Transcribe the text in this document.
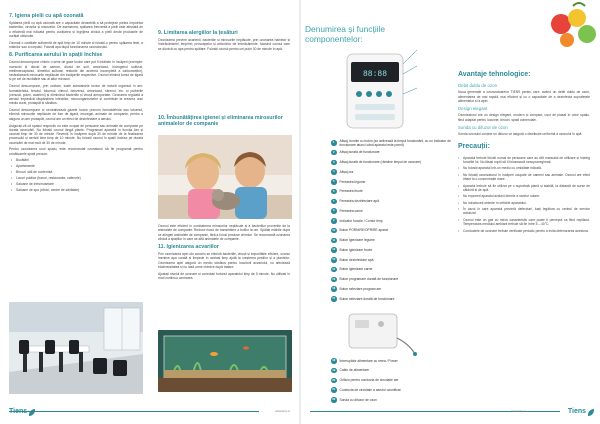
7. Igiena pielii cu apă ozonată
Spălarea pielii cu apă ozonată are o capacitate deosebită a să protejeze pielea împotriva bacteriilor, virușilor și micozelor. De asemenea, spălarea frecventă a pielii este afectată de o eficiență mai ridicată pentru curățarea și îngrijirea zilnică a pielii decât produsele de curățat obișnuite.
Ozonați o cantitate suficientă de apă timp de 10 minute și folosiți-o pentru spălarea feței, a mâinilor sau a corpului. Folosiți apa după funcționarea ozonatorului.
8. Purificarea aerului în spații închise
Ozonul descompune chimic o serie de gaze toxice care pot fi întâlnite în încăperi (exemple: monoxid și dioxid de carbon, dioxid de sulf, amoniacul, hidrogenul sulfurat, metilmercaptanul, dimetilul sulfurat, resturile din arderea incompletă a carburanților), neutralizează mirosurile neplăcute din încăperile respective. Ozonul elimină fumul de țigară și pe cel de bucătărie sau al altor mirosuri.
Ozonul descompune, prin oxidare, toate substanțele toxice de natură organică în aer: formaldehida, fenolul, toluenul, xilenul, benzenul, amoniacul, stirenul, etc. și pulberile (cenușă, polen, acarieni) și eliminând bacteriile și virușii aeropurtate. Ozonarea regulată a aerului împiedică răspândirea infecțiilor, microorganismelor și contribuie la crearea unui mediu curat, proaspăt și sănătos.
Ozonul descompune și neutralizează gazele toxice precum formaldehida sau toluenul, elimină mirosurile neplăcute de fum de țigară, mucegai, animale de companie, pentru a asigura un aer proaspăt, ozonul are un efect de dezinfectare a aerului.
Asigurați-vă că spațiul respectiv nu este ocupat de persoane sau animale de companie pe durata ozonizării. Nu folosiți ozonul lângă plante. Programați aparatul în funcția Aer și ozonați timp de 30 de minute. Reveniți în încăpere după 30 de minute de la finalizarea procesului și aerisiți bine timp de 10 minute. Nu folosiți ozonul în spații închise pe durata ozonizării de mai mult de 30 de minute.
Pentru ozonizarea unui spațiu, este recomandat ozonatorul să fie programat pentru următoarele spații precum:
• Bucătării
• Apartamente
• Birouri, săli de conferință
• Locuri publice (baruri, restaurante, cafenele)
• Saloane de înfrumusețare
• Saloane de spa (clinici, centre de sănătate)
9. Limitarea alergiilor la țesături
Ozonizarea previne acarienii, bacteriile și mirosurile neplăcute, prin ozonarea hainelor și îmbrăcămintei, lenjeriei, prosoapelor și articolelor de îmbrăcăminte, folosind ozonul care se dizolvă cu apa pentru spălare. Folosiți ozonul pentru cel puțin 30 de minute în apă.
10. Îmbunătățirea igienei și eliminarea mirosurilor animalelor de companie
Ozonul este eficient în combaterea mirosurilor neplăcute și a bacteriilor provenite de la animalele de companie. Reduce riscul de transmitere a bolilor la om. Spălați mâinile după ce atingeți animalele de companie, fără a folosi produse chimice. Se recomandă ozonarea zilnică a spațiilor în care se află animalele de companie.
11. Igienizarea acvariilor
Prin ozonizarea apei din acvariu se elimină bacteriile, virușii și impuritățile eficient, ozonul menține apa curată și limpede în același timp ajută la creșterea peștilor și a plantelor. Ozonizarea apei asigură un mediu sănătos pentru locuitorii acvariului, nu afectează biodiversitatea și nu lasă urme chimice după tratare.
Ajustați nivelul de ozonare și conectați furtunul aparatului timp de 5 minute. Nu utilizați în mod continuu ozonarea.
Tiens	www.tiens.ro
Denumirea și funcțiile componentelor:
88:88
1
Afișaj, funcție cu buton (se activează la timpul funcționării, cu un indicator de funcționare atunci când aparatul este pornit)
2	Afișaj durată de funcționare
3	Afișaj durată de funcționare (rămâne timpul de ozonare)
4	Afișaj ora
5	Fereastra legume
6	Fereastra fructe
7	Fereastra dezinfectare apă
8	Fereastra carne
9	Indicator funcție / Contor timp
10	Buton PORNIRE/OPRIRE aparat
11	Buton igienizare legume
12	Buton igienizare fructe
13	Buton dezinfectare apă
14	Buton igienizare carne
15	Buton programare durată de funcționare
16	Buton selectare program aer
17	Buton selectare durată de funcționare
18	Întrerupător alimentare cu rețea / Power
19	Cablu de alimentare
20	Orificiu pentru conducta de circulație aer
21	Conducta de circulație a aerului ozonificat
22	Sonda cu difuzor de ozon
Avantaje tehnologice:
Debit dublu de ozon
Noua generație a ozonizatoarelor TIENS pentru care, având un debit dublu de ozon, alimentarea de mai rapidă, mai eficient și cu o capacitate de a dezinfecta suprafețele alimentelor și a apei.
Design elegant
Ozonizatorul are un design elegant, modern și compact, ușor de plasat în orice spațiu, fiind adaptat pentru locuințe, birouri, spații comerciale.
Sonda cu difuzor de ozon
Sonda ozonului conține un difuzor ce asigură o distribuție uniformă a ozonului în apă.
Precauții:
• Aparatul trebuie folosit numai de persoane care au citit manualul de utilizare și înțeleg funcțiile lui. Nu lăsați copiii să îl folosească nesupravegheați.
• Nu folosiți aparatul într-un mediu cu umiditate ridicată.
• Nu folosiți ozonizatorul în încăperi ocupate de oameni sau animale. Ozonul are efect iritant la o concentrație mare.
• Aparatul trebuie să fie utilizat pe o suprafață plană și stabilă, la distanță de surse de căldură și de apă.
• Nu expuneți aparatul acțiunii directe a razelor solare.
• Nu introduceți obiecte în orificiile aparatului.
• În cazul în care aparatul prezintă defecțiuni, luați legătura cu centrul de service autorizat.
• Ozonul este un gaz cu miros caracteristic care poate fi perceput ca fiind neplăcut. Temperatura mediului ambiant trebuie să fie între 5 – 40°C.
• Conductele de ozonare trebuie verificate periodic pentru a evita deteriorarea acestora.
www.tiens.ro	Tiens
